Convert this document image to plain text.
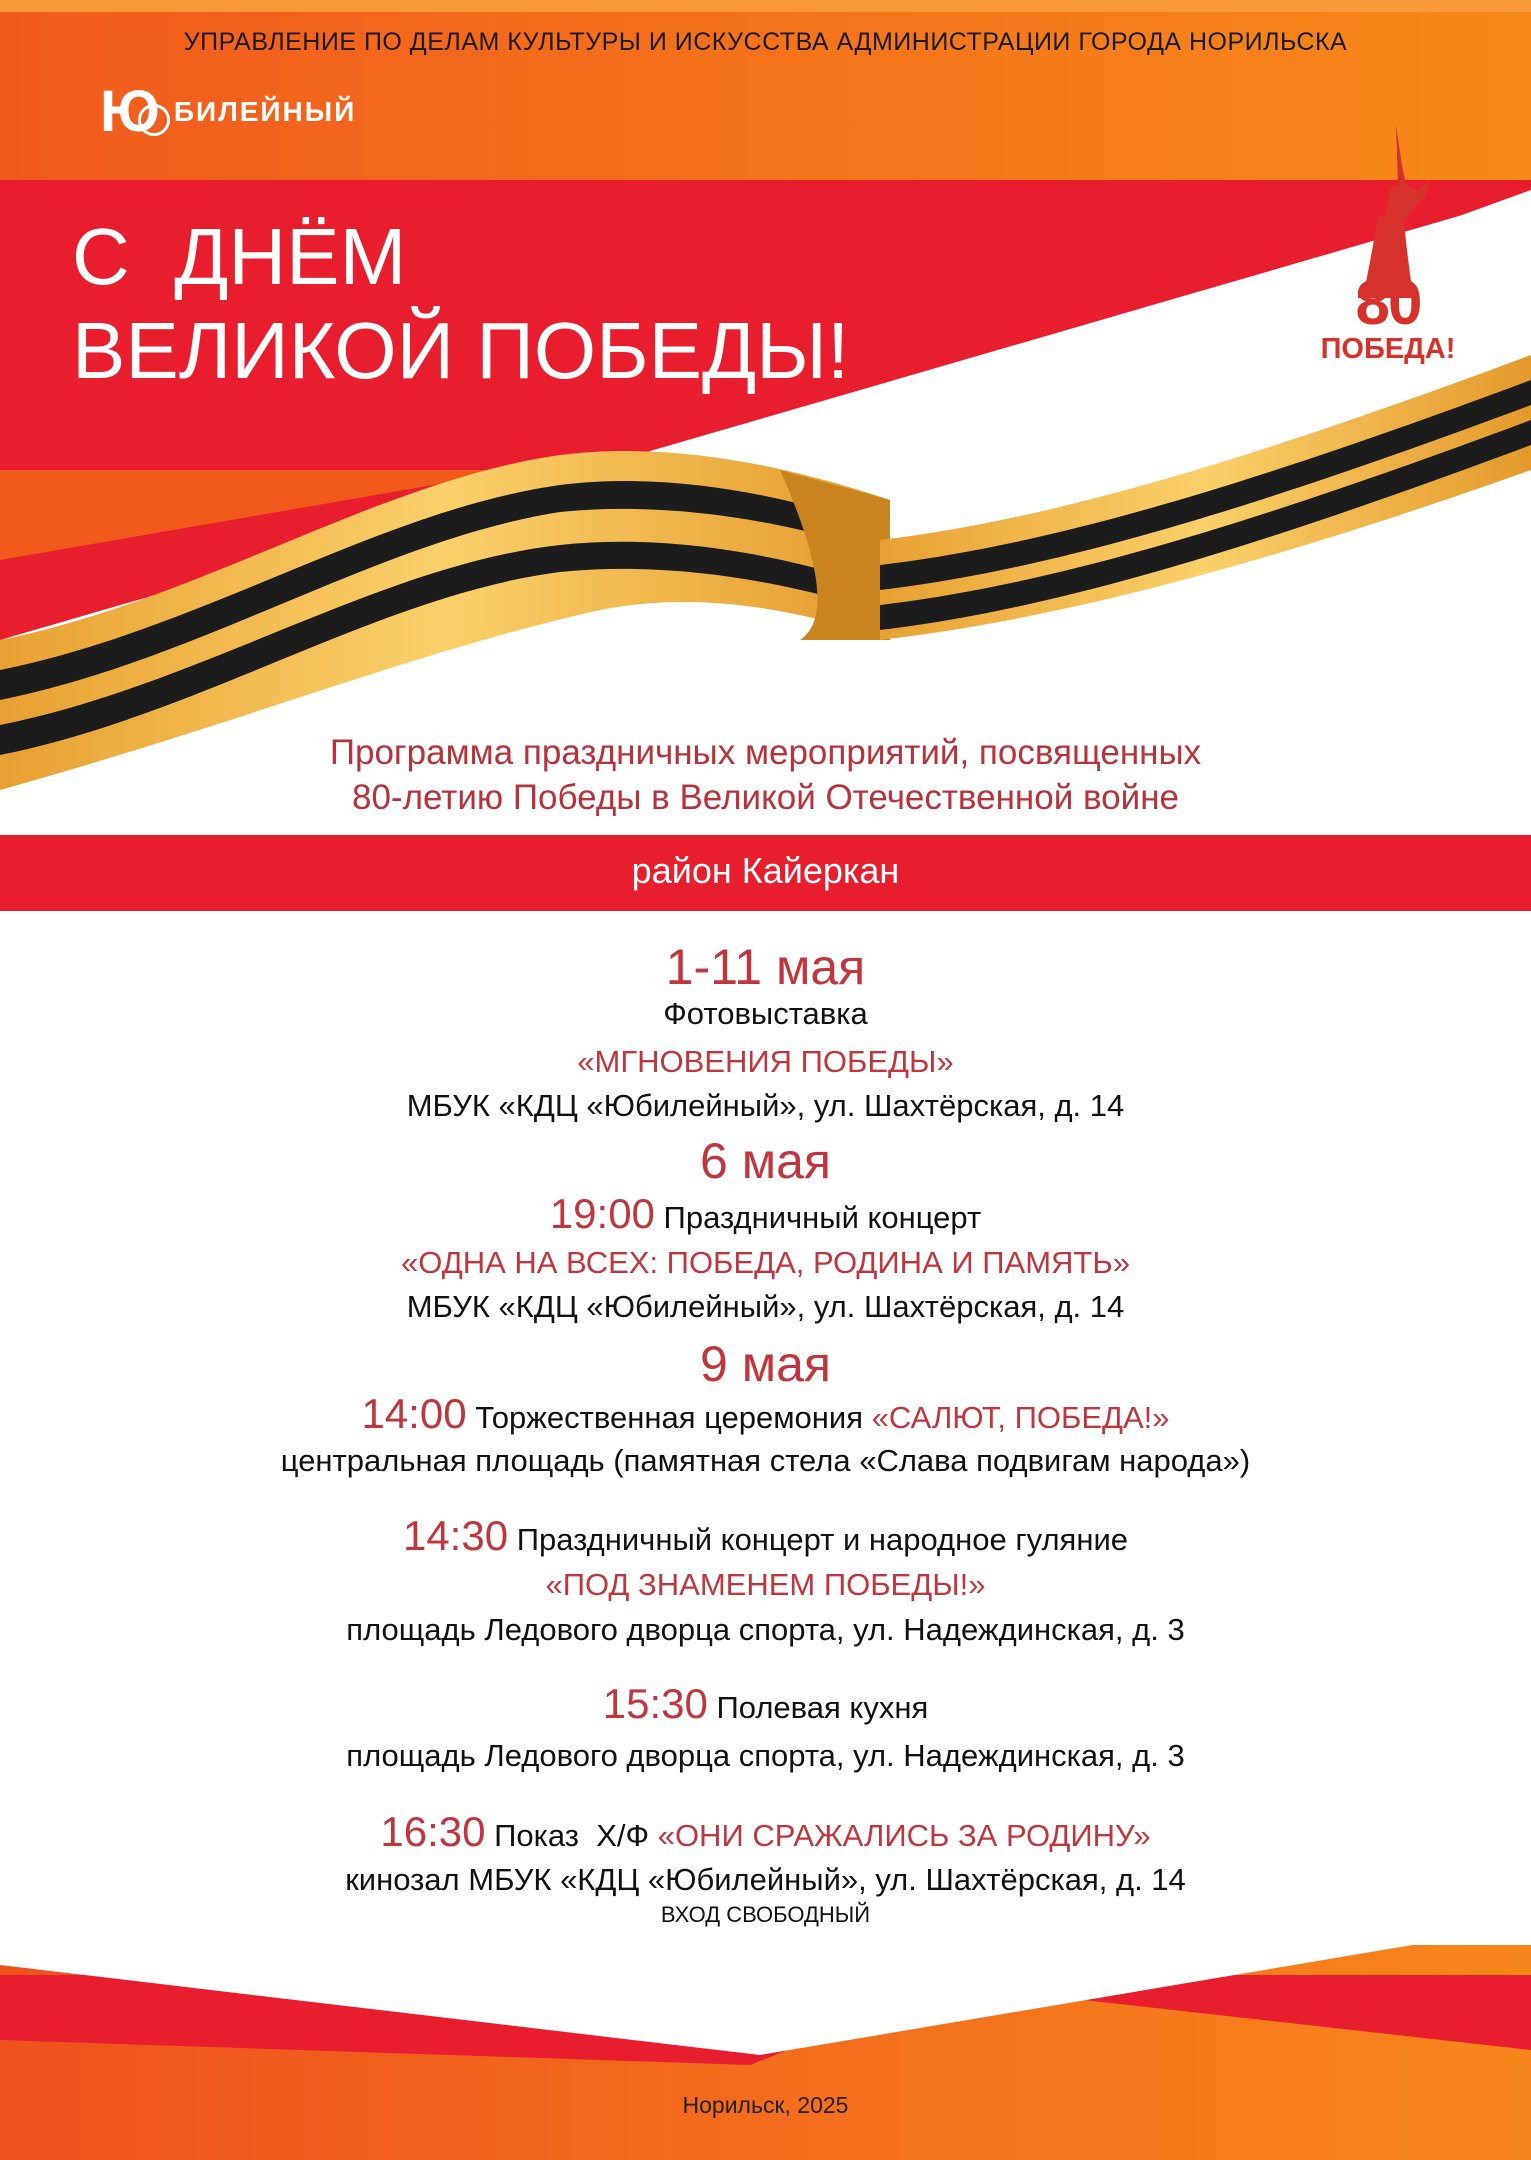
УПРАВЛЕНИЕ ПО ДЕЛАМ КУЛЬТУРЫ И ИСКУССТВА АДМИНИСТРАЦИИ ГОРОДА НОРИЛЬСКА
Ю БИЛЕЙНЫЙ
С  ДНЁМ
ВЕЛИКОЙ ПОБЕДЫ!
80
ПОБЕДА!
Программа праздничных мероприятий, посвященных
80-летию Победы в Великой Отечественной войне
район Кайеркан
1-11 мая
Фотовыставка
«МГНОВЕНИЯ ПОБЕДЫ»
МБУК «КДЦ «Юбилейный», ул. Шахтёрская, д. 14
6 мая
19:00 Праздничный концерт
«ОДНА НА ВСЕХ: ПОБЕДА, РОДИНА И ПАМЯТЬ»
МБУК «КДЦ «Юбилейный», ул. Шахтёрская, д. 14
9 мая
14:00 Торжественная церемония «САЛЮТ, ПОБЕДА!»
центральная площадь (памятная стела «Слава подвигам народа»)
14:30 Праздничный концерт и народное гуляние
«ПОД ЗНАМЕНЕМ ПОБЕДЫ!»
площадь Ледового дворца спорта, ул. Надеждинская, д. 3
15:30 Полевая кухня
площадь Ледового дворца спорта, ул. Надеждинская, д. 3
16:30 Показ  Х/Ф «ОНИ СРАЖАЛИСЬ ЗА РОДИНУ»
кинозал МБУК «КДЦ «Юбилейный», ул. Шахтёрская, д. 14
ВХОД СВОБОДНЫЙ
Норильск, 2025
